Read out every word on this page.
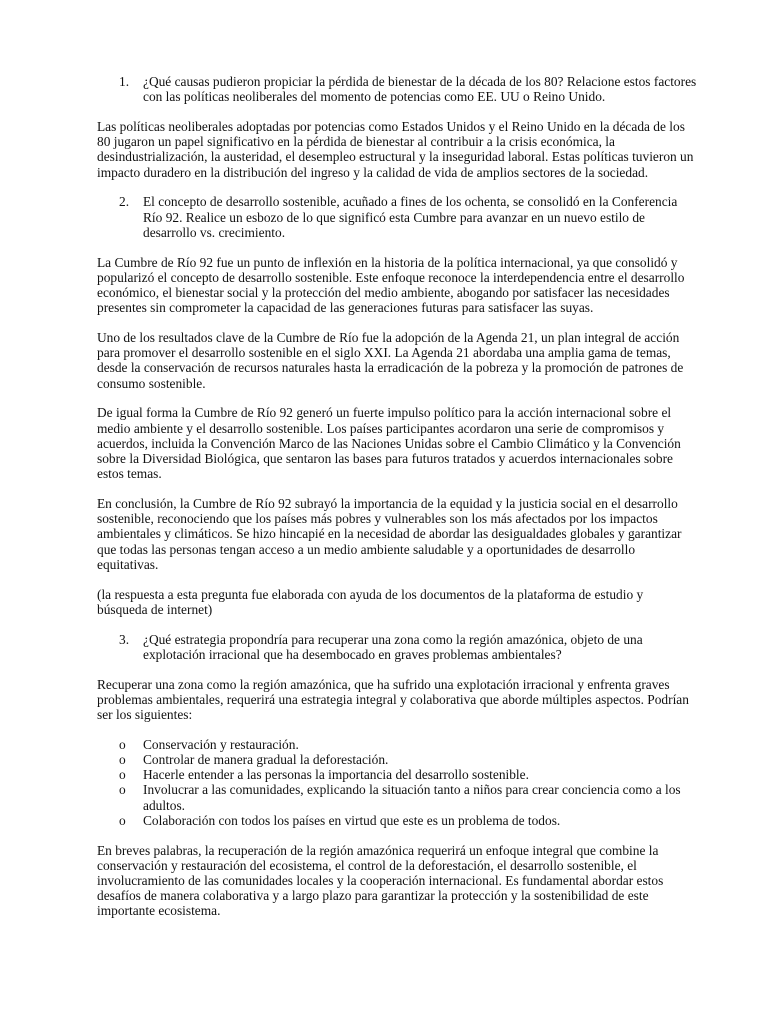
1. ¿Qué causas pudieron propiciar la pérdida de bienestar de la década de los 80? Relacione estos factores con las políticas neoliberales del momento de potencias como EE. UU o Reino Unido.

Las políticas neoliberales adoptadas por potencias como Estados Unidos y el Reino Unido en la década de los 80 jugaron un papel significativo en la pérdida de bienestar al contribuir a la crisis económica, la desindustrialización, la austeridad, el desempleo estructural y la inseguridad laboral. Estas políticas tuvieron un impacto duradero en la distribución del ingreso y la calidad de vida de amplios sectores de la sociedad.

2. El concepto de desarrollo sostenible, acuñado a fines de los ochenta, se consolidó en la Conferencia Río 92. Realice un esbozo de lo que significó esta Cumbre para avanzar en un nuevo estilo de desarrollo vs. crecimiento.

La Cumbre de Río 92 fue un punto de inflexión en la historia de la política internacional, ya que consolidó y popularizó el concepto de desarrollo sostenible. Este enfoque reconoce la interdependencia entre el desarrollo económico, el bienestar social y la protección del medio ambiente, abogando por satisfacer las necesidades presentes sin comprometer la capacidad de las generaciones futuras para satisfacer las suyas.

Uno de los resultados clave de la Cumbre de Río fue la adopción de la Agenda 21, un plan integral de acción para promover el desarrollo sostenible en el siglo XXI. La Agenda 21 abordaba una amplia gama de temas, desde la conservación de recursos naturales hasta la erradicación de la pobreza y la promoción de patrones de consumo sostenible.

De igual forma la Cumbre de Río 92 generó un fuerte impulso político para la acción internacional sobre el medio ambiente y el desarrollo sostenible. Los países participantes acordaron una serie de compromisos y acuerdos, incluida la Convención Marco de las Naciones Unidas sobre el Cambio Climático y la Convención sobre la Diversidad Biológica, que sentaron las bases para futuros tratados y acuerdos internacionales sobre estos temas.

En conclusión, la Cumbre de Río 92 subrayó la importancia de la equidad y la justicia social en el desarrollo sostenible, reconociendo que los países más pobres y vulnerables son los más afectados por los impactos ambientales y climáticos. Se hizo hincapié en la necesidad de abordar las desigualdades globales y garantizar que todas las personas tengan acceso a un medio ambiente saludable y a oportunidades de desarrollo equitativas.

(la respuesta a esta pregunta fue elaborada con ayuda de los documentos de la plataforma de estudio y búsqueda de internet)

3. ¿Qué estrategia propondría para recuperar una zona como la región amazónica, objeto de una explotación irracional que ha desembocado en graves problemas ambientales?

Recuperar una zona como la región amazónica, que ha sufrido una explotación irracional y enfrenta graves problemas ambientales, requerirá una estrategia integral y colaborativa que aborde múltiples aspectos. Podrían ser los siguientes:

o Conservación y restauración.
o Controlar de manera gradual la deforestación.
o Hacerle entender a las personas la importancia del desarrollo sostenible.
o Involucrar a las comunidades, explicando la situación tanto a niños para crear conciencia como a los adultos.
o Colaboración con todos los países en virtud que este es un problema de todos.

En breves palabras, la recuperación de la región amazónica requerirá un enfoque integral que combine la conservación y restauración del ecosistema, el control de la deforestación, el desarrollo sostenible, el involucramiento de las comunidades locales y la cooperación internacional. Es fundamental abordar estos desafíos de manera colaborativa y a largo plazo para garantizar la protección y la sostenibilidad de este importante ecosistema.
